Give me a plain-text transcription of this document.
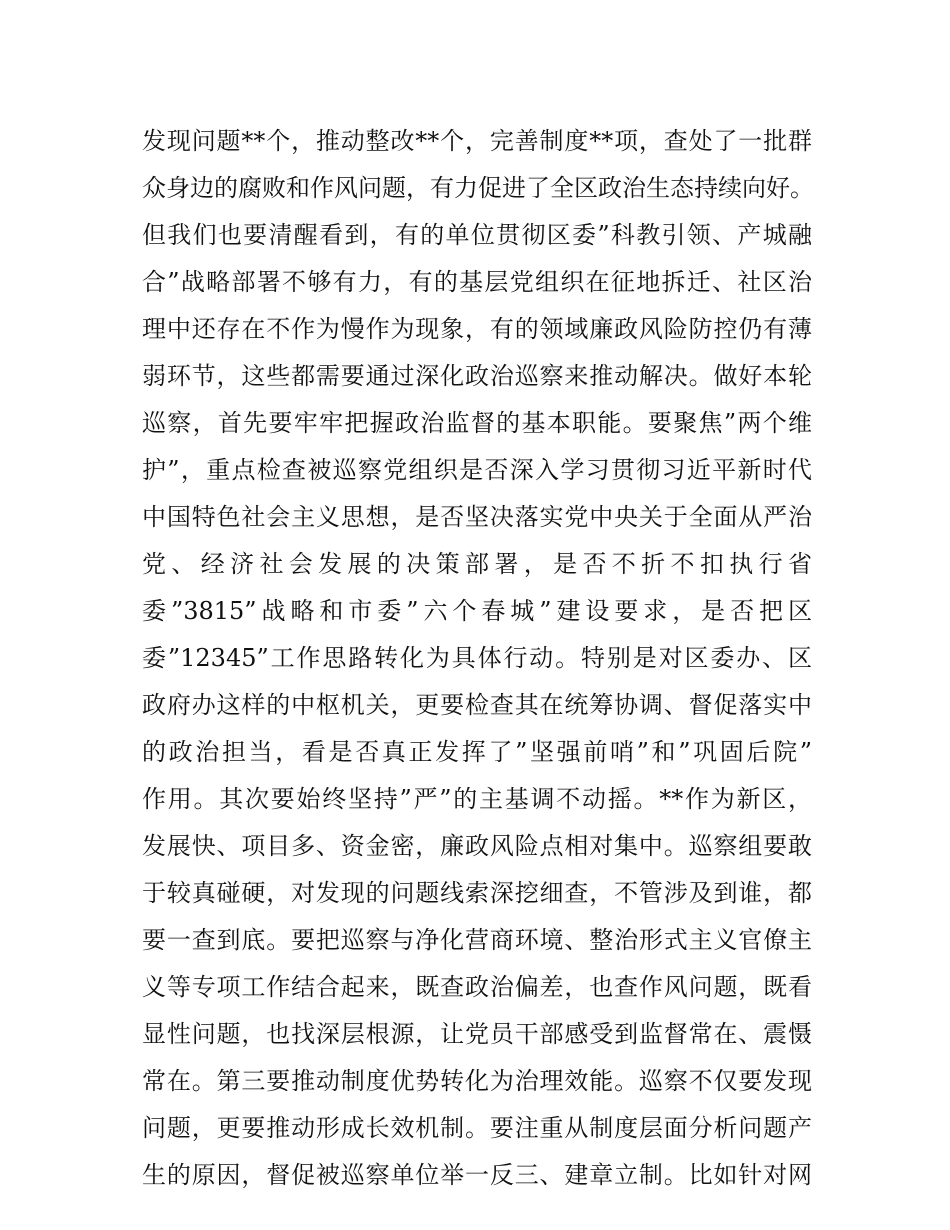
发现问题**个，推动整改**个，完善制度**项，查处了一批群
众身边的腐败和作风问题，有力促进了全区政治生态持续向好。
但我们也要清醒看到，有的单位贯彻区委”科教引领、产城融
合”战略部署不够有力，有的基层党组织在征地拆迁、社区治
理中还存在不作为慢作为现象，有的领域廉政风险防控仍有薄
弱环节，这些都需要通过深化政治巡察来推动解决。做好本轮
巡察，首先要牢牢把握政治监督的基本职能。要聚焦”两个维
护”，重点检查被巡察党组织是否深入学习贯彻习近平新时代
中国特色社会主义思想，是否坚决落实党中央关于全面从严治
党、经济社会发展的决策部署，是否不折不扣执行省
委”3815”战略和市委”六个春城”建设要求，是否把区
委”12345”工作思路转化为具体行动。特别是对区委办、区
政府办这样的中枢机关，更要检查其在统筹协调、督促落实中
的政治担当，看是否真正发挥了”坚强前哨”和”巩固后院”
作用。其次要始终坚持”严”的主基调不动摇。**作为新区，
发展快、项目多、资金密，廉政风险点相对集中。巡察组要敢
于较真碰硬，对发现的问题线索深挖细查，不管涉及到谁，都
要一查到底。要把巡察与净化营商环境、整治形式主义官僚主
义等专项工作结合起来，既查政治偏差，也查作风问题，既看
显性问题，也找深层根源，让党员干部感受到监督常在、震慑
常在。第三要推动制度优势转化为治理效能。巡察不仅要发现
问题，更要推动形成长效机制。要注重从制度层面分析问题产
生的原因，督促被巡察单位举一反三、建章立制。比如针对网
